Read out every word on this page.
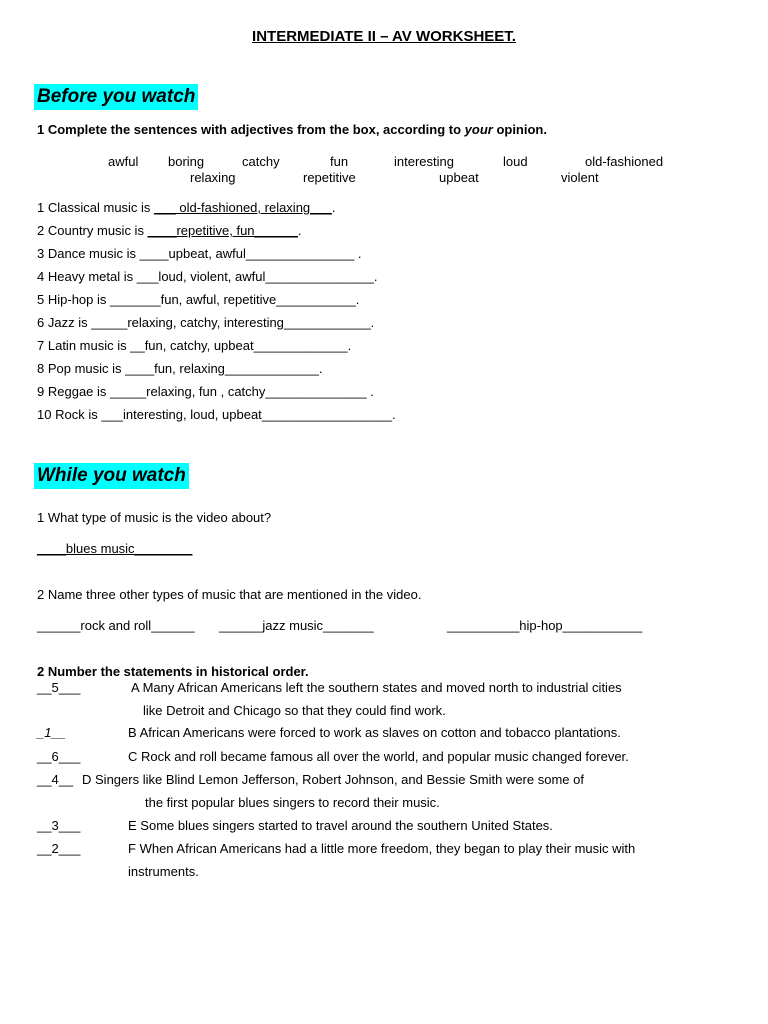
INTERMEDIATE II – AV WORKSHEET.
Before you watch
1 Complete the sentences with adjectives from the box, according to your opinion.
awful boring	catchy	fun	interesting	loud	old-fashioned
relaxing	repetitive	upbeat	violent
1 Classical music is ___ old-fashioned, relaxing___.
2 Country music is ____repetitive, fun______.
3 Dance music is ____upbeat, awful_______________ .
4 Heavy metal is ___loud, violent, awful_______________.
5 Hip-hop is _______fun, awful, repetitive___________.
6 Jazz is _____relaxing, catchy, interesting____________.
7 Latin music is __fun, catchy, upbeat_____________.
8 Pop music is ____fun, relaxing_____________.
9 Reggae is _____relaxing, fun , catchy______________ .
10 Rock is ___interesting, loud, upbeat__________________.
While you watch
1 What type of music is the video about?
____blues music________
2 Name three other types of music that are mentioned in the video.
______rock and roll______ ______jazz music_______	__________hip-hop___________
2 Number the statements in historical order.
__5___	A Many African Americans left the southern states and moved north to industrial cities
like Detroit and Chicago so that they could find work.
_1__	B African Americans were forced to work as slaves on cotton and tobacco plantations.
__6___	C Rock and roll became famous all over the world, and popular music changed forever.
__4__ D Singers like Blind Lemon Jefferson, Robert Johnson, and Bessie Smith were some of
the first popular blues singers to record their music.
__3___	E Some blues singers started to travel around the southern United States.
__2___	F When African Americans had a little more freedom, they began to play their music with
instruments.
